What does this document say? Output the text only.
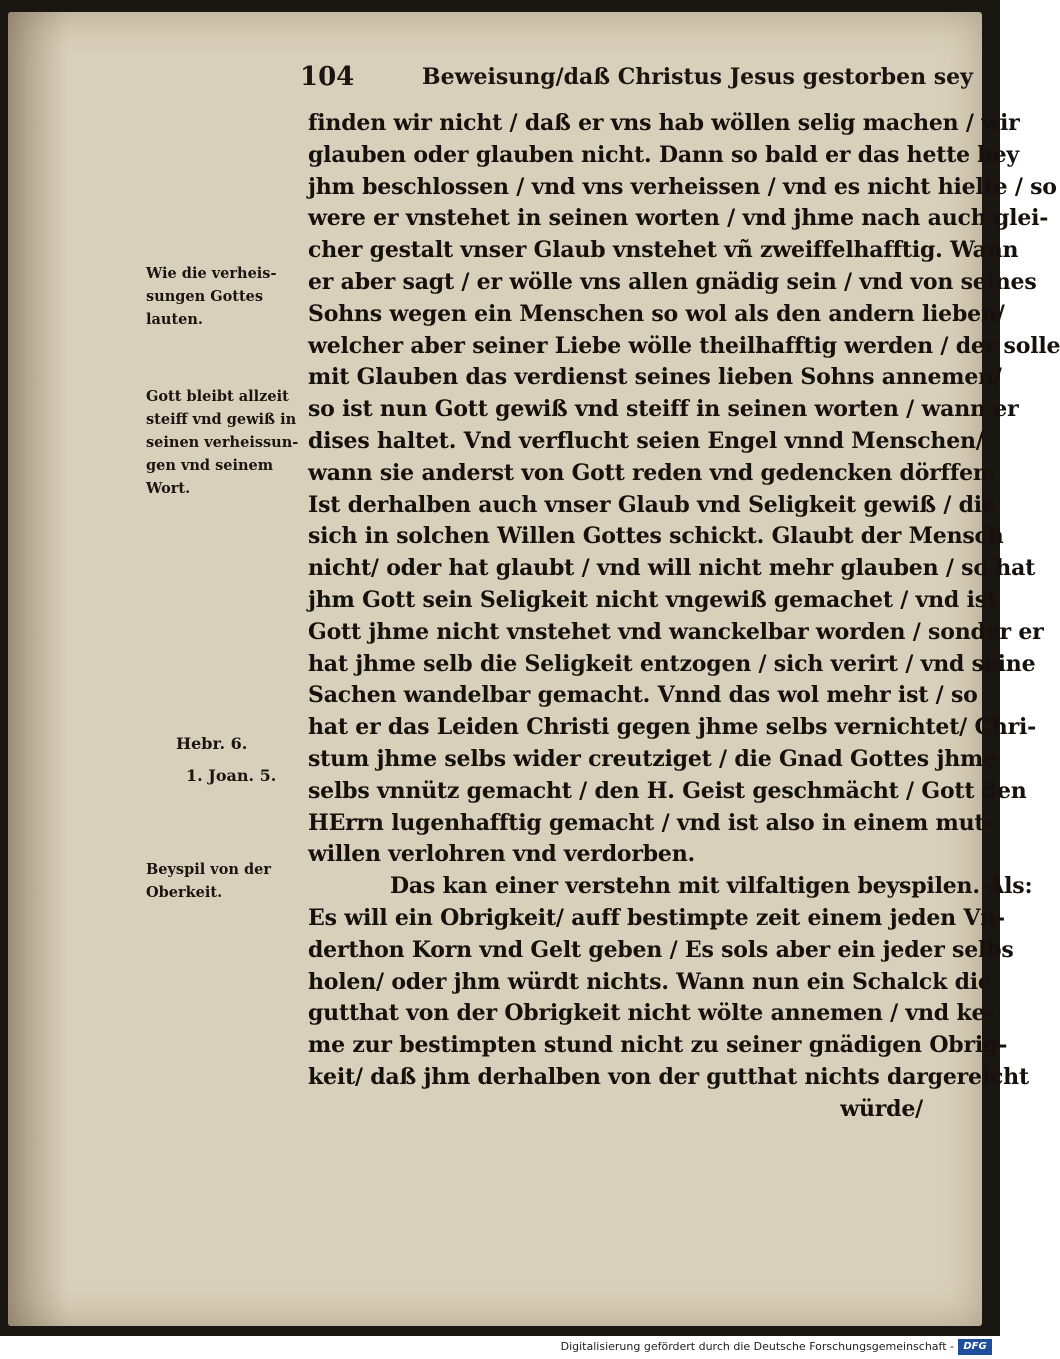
104	Beweisung/daß Christus Jesus gestorben sey
finden wir nicht / daß er vns hab wöllen selig machen / wir
glauben oder glauben nicht. Dann so bald er das hette bey
jhm beschlossen / vnd vns verheissen / vnd es nicht hielte / so
were er vnstehet in seinen worten / vnd jhme nach auch glei-
cher gestalt vnser Glaub vnstehet vñ zweiffelhafftig. Wann
er aber sagt / er wölle vns allen gnädig sein / vnd von seines
Sohns wegen ein Menschen so wol als den andern lieben/
welcher aber seiner Liebe wölle theilhafftig werden / der solle
mit Glauben das verdienst seines lieben Sohns annemen/
so ist nun Gott gewiß vnd steiff in seinen worten / wann er
dises haltet. Vnd verflucht seien Engel vnnd Menschen/
wann sie anderst von Gott reden vnd gedencken dörffen.
Ist derhalben auch vnser Glaub vnd Seligkeit gewiß / die
sich in solchen Willen Gottes schickt. Glaubt der Mensch
nicht/ oder hat glaubt / vnd will nicht mehr glauben / so hat
jhm Gott sein Seligkeit nicht vngewiß gemachet / vnd ist
Gott jhme nicht vnstehet vnd wanckelbar worden / sonder er
hat jhme selb die Seligkeit entzogen / sich verirt / vnd seine
Sachen wandelbar gemacht. Vnnd das wol mehr ist / so
hat er das Leiden Christi gegen jhme selbs vernichtet/ Chri-
stum jhme selbs wider creutziget / die Gnad Gottes jhme
selbs vnnütz gemacht / den H. Geist geschmächt / Gott den
HErrn lugenhafftig gemacht / vnd ist also in einem mut-
willen verlohren vnd verdorben.
Das kan einer verstehn mit vilfaltigen beyspilen. Als:
Es will ein Obrigkeit/ auff bestimpte zeit einem jeden Vn-
derthon Korn vnd Gelt geben / Es sols aber ein jeder selbs
holen/ oder jhm würdt nichts. Wann nun ein Schalck die
gutthat von der Obrigkeit nicht wölte annemen / vnd ke-
me zur bestimpten stund nicht zu seiner gnädigen Obrig-
keit/ daß jhm derhalben von der gutthat nichts dargereicht
würde/
Wie die verheis-
sungen Gottes
lauten.
Gott bleibt allzeit
steiff vnd gewiß in
seinen verheissun-
gen vnd seinem
Wort.
Hebr. 6.
1. Joan. 5.
Beyspil von der
Oberkeit.
Digitalisierung gefördert durch die Deutsche Forschungsgemeinschaft - DFG
